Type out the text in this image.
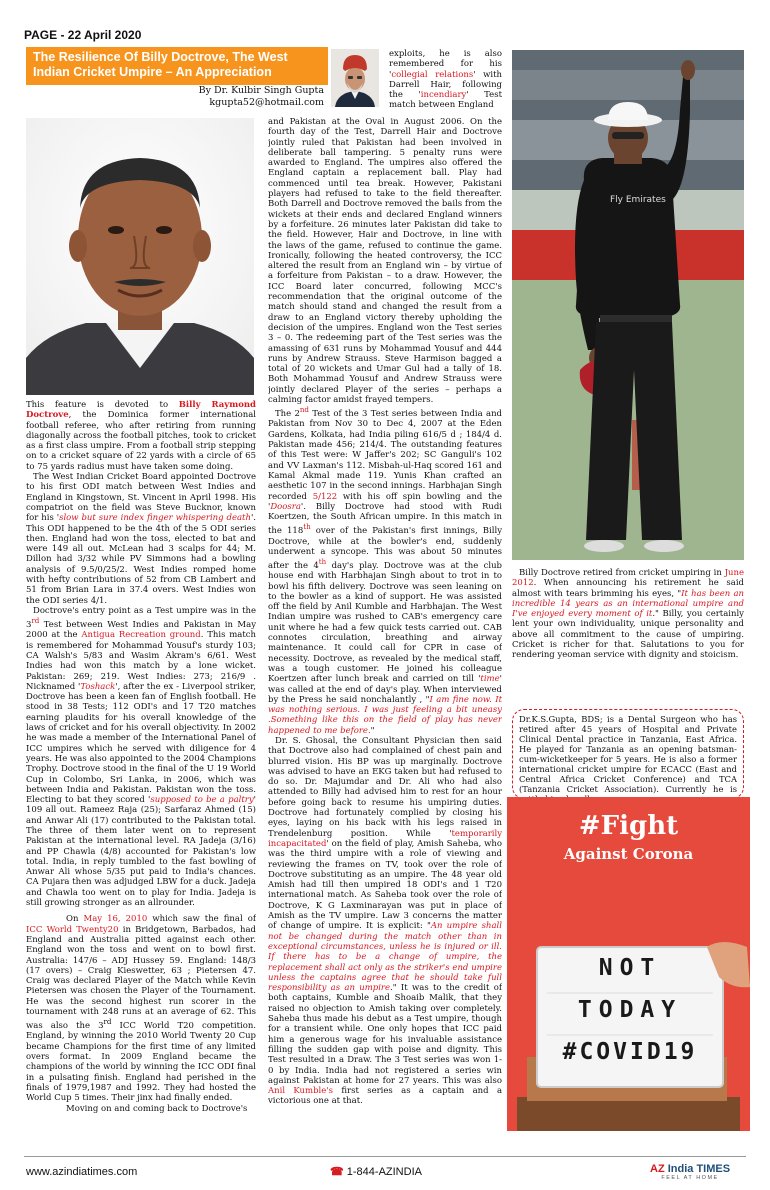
PAGE - 22 April 2020
The Resilience Of Billy Doctrove, The West
Indian Cricket Umpire – An Appreciation
By Dr. Kulbir Singh Gupta
kgupta52@hotmail.com

This feature is devoted to Billy Raymond Doctrove, the Dominica former international football referee, who after retiring from running diagonally across the football pitches, took to cricket as a first class umpire. From a football strip stepping on to a cricket square of 22 yards with a circle of 65 to 75 yards radius must have taken some doing.

The West Indian Cricket Board appointed Doctrove to his first ODI match between West Indies and England in Kingstown, St. Vincent in April 1998. His compatriot on the field was Steve Bucknor, known for his 'slow but sure index finger whispering death'. This ODI happened to be the 4th of the 5 ODI series then. England had won the toss, elected to bat and were 149 all out. McLean had 3 scalps for 44; M. Dillon had 3/32 while PV Simmons had a bowling analysis of 9.5/0/25/2. West Indies romped home with hefty contributions of 52 from CB Lambert and 51 from Brian Lara in 37.4 overs. West Indies won the ODI series 4/1.

Doctrove's entry point as a Test umpire was in the 3rd Test between West Indies and Pakistan in May 2000 at the Antigua Recreation ground. This match is remembered for Mohammad Yousuf's sturdy 103; CA Walsh's 5/83 and Wasim Akram's 6/61. West Indies had won this match by a lone wicket. Pakistan: 269; 219. West Indies: 273; 216/9 . Nicknamed 'Toshack', after the ex - Liverpool striker, Doctrove has been a keen fan of English football. He stood in 38 Tests; 112 ODI's and 17 T20 matches earning plaudits for his overall knowledge of the laws of cricket and for his overall objectivity. In 2002 he was made a member of the International Panel of ICC umpires which he served with diligence for 4 years. He was also appointed to the 2004 Champions Trophy. Doctrove stood in the final of the U 19 World Cup in Colombo, Sri Lanka, in 2006, which was between India and Pakistan. Pakistan won the toss. Electing to bat they scored 'supposed to be a paltry' 109 all out. Rameez Raja (25); Sarfaraz Ahmed (15) and Anwar Ali (17) contributed to the Pakistan total. The three of them later went on to represent Pakistan at the international level. RA Jadeja (3/16) and PP Chawla (4/8) accounted for Pakistan's low total. India, in reply tumbled to the fast bowling of Anwar Ali whose 5/35 put paid to India's chances. CA Pujara then was adjudged LBW for a duck. Jadeja and Chawla too went on to play for India. Jadeja is still growing stronger as an allrounder.

On May 16, 2010 which saw the final of ICC World Twenty20 in Bridgetown, Barbados, had England and Australia pitted against each other. England won the toss and went on to bowl first. Australia: 147/6 – ADJ Hussey 59. England: 148/3 (17 overs) – Craig Kieswetter, 63 ; Pietersen 47. Craig was declared Player of the Match while Kevin Pietersen was chosen the Player of the Tournament. He was the second highest run scorer in the tournament with 248 runs at an average of 62. This was also the 3rd ICC World T20 competition. England, by winning the 2010 World Twenty 20 Cup became Champions for the first time of any limited overs format. In 2009 England became the champions of the world by winning the ICC ODI final in a pulsating finish. England had perished in the finals of 1979,1987 and 1992. They had hosted the World Cup 5 times. Their jinx had finally ended.

Moving on and coming back to Doctrove's

exploits, he is also remembered for his 'collegial relations' with Darrell Hair, following the 'incendiary' Test match between England

and Pakistan at the Oval in August 2006. On the fourth day of the Test, Darrell Hair and Doctrove jointly ruled that Pakistan had been involved in deliberate ball tampering. 5 penalty runs were awarded to England. The umpires also offered the England captain a replacement ball. Play had commenced until tea break. However, Pakistani players had refused to take to the field thereafter. Both Darrell and Doctrove removed the bails from the wickets at their ends and declared England winners by a forfeiture. 26 minutes later Pakistan did take to the field. However, Hair and Doctrove, in line with the laws of the game, refused to continue the game. Ironically, following the heated controversy, the ICC altered the result from an England win – by virtue of a forfeiture from Pakistan – to a draw. However, the ICC Board later concurred, following MCC's recommendation that the original outcome of the match should stand and changed the result from a draw to an England victory thereby upholding the decision of the umpires. England won the Test series 3 – 0. The redeeming part of the Test series was the amassing of 631 runs by Mohammad Yousuf and 444 runs by Andrew Strauss. Steve Harmison bagged a total of 20 wickets and Umar Gul had a tally of 18. Both Mohammad Yousuf and Andrew Strauss were jointly declared Player of the series – perhaps a calming factor amidst frayed tempers.

The 2nd Test of the 3 Test series between India and Pakistan from Nov 30 to Dec 4, 2007 at the Eden Gardens, Kolkata, had India piling 616/5 d ; 184/4 d. Pakistan made 456; 214/4. The outstanding features of this Test were: W Jaffer's 202; SC Ganguli's 102 and VV Laxman's 112. Misbah-ul-Haq scored 161 and Kamal Akmal made 119. Yunis Khan crafted an aesthetic 107 in the second innings. Harbhajan Singh recorded 5/122 with his off spin bowling and the 'Doosra'. Billy Doctrove had stood with Rudi Koertzen, the South African umpire. In this match in the 118th over of the Pakistan's first innings, Billy Doctrove, while at the bowler's end, suddenly underwent a syncope. This was about 50 minutes after the 4th day's play. Doctrove was at the club house end with Harbhajan Singh about to trot in to bowl his fifth delivery. Doctrove was seen leaning on to the bowler as a kind of support. He was assisted off the field by Anil Kumble and Harbhajan. The West Indian umpire was rushed to CAB's emergency care unit where he had a few quick tests carried out. CAB connotes circulation, breathing and airway maintenance. It could call for CPR in case of necessity. Doctrove, as revealed by the medical staff, was a tough customer. He joined his colleague Koertzen after lunch break and carried on till 'time' was called at the end of day's play. When interviewed by the Press he said nonchalantly , "I am fine now. It was nothing serious. I was just feeling a bit uneasy .Something like this on the field of play has never happened to me before."

Dr. S. Ghosal, the Consultant Physician then said that Doctrove also had complained of chest pain and blurred vision. His BP was up marginally. Doctrove was advised to have an EKG taken but had refused to do so. Dr. Majumdar and Dr. Ali who had also attended to Billy had advised him to rest for an hour before going back to resume his umpiring duties. Doctrove had fortunately complied by closing his eyes, laying on his back with his legs raised in Trendelenburg position. While 'temporarily incapacitated' on the field of play, Amish Saheba, who was the third umpire with a role of viewing and reviewing the frames on TV, took over the role of Doctrove substituting as an umpire. The 48 year old Amish had till then umpired 18 ODI's and 1 T20 international match. As Saheba took over the role of Doctrove, K G Laxminarayan was put in place of Amish as the TV umpire. Law 3 concerns the matter of change of umpire. It is explicit: "An umpire shall not be changed during the match other than in exceptional circumstances, unless he is injured or ill. If there has to be a change of umpire, the replacement shall act only as the striker's end umpire unless the captains agree that he should take full responsibility as an umpire." It was to the credit of both captains, Kumble and Shoaib Malik, that they raised no objection to Amish taking over completely. Saheba thus made his debut as a Test umpire, though for a transient while. One only hopes that ICC paid him a generous wage for his invaluable assistance filling the sudden gap with poise and dignity. This Test resulted in a Draw. The 3 Test series was won 1-0 by India. India had not registered a series win against Pakistan at home for 27 years. This was also Anil Kumble's first series as a captain and a victorious one at that.

Fly Emirates

Billy Doctrove retired from cricket umpiring in June 2012. When announcing his retirement he said almost with tears brimming his eyes, "It has been an incredible 14 years as an international umpire and I've enjoyed every moment of it." Billy, you certainly lent your own individuality, unique personality and above all commitment to the cause of umpiring. Cricket is richer for that. Salutations to you for rendering yeoman service with dignity and stoicism.

Dr.K.S.Gupta, BDS; is a Dental Surgeon who has retired after 45 years of Hospital and Private Clinical Dental practice in Tanzania, East Africa. He played for Tanzania as an opening batsman-cum-wicketkeeper for 5 years. He is also a former international cricket umpire for ECACC (East and Central Africa Cricket Conference) and TCA (Tanzania Cricket Association). Currently he is

#Fight
Against Corona
NOT
TODAY
#COVID19
www.azindiatimes.com	☎ 1-844-AZINDIA	AZ India TIMES
FEEL AT HOME
